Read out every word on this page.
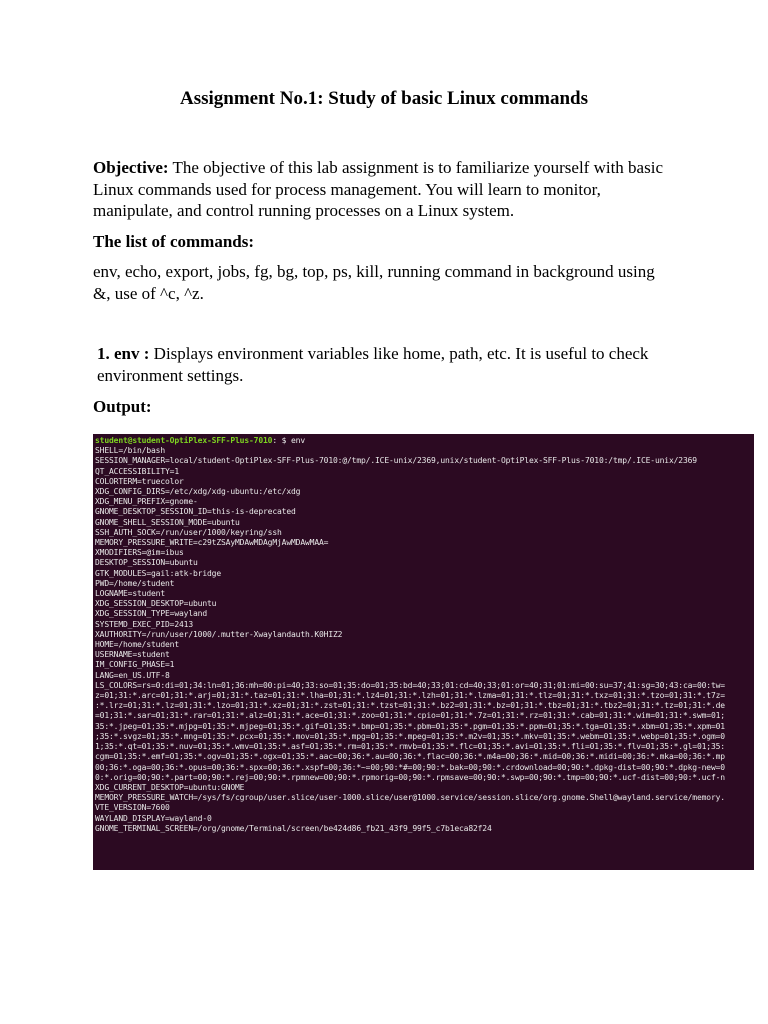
Assignment No.1: Study of basic Linux commands

Objective: The objective of this lab assignment is to familiarize yourself with basic Linux commands used for process management. You will learn to monitor, manipulate, and control running processes on a Linux system.

The list of commands:

env, echo, export, jobs, fg, bg, top, ps, kill, running command in background using &, use of ^c, ^z.

1. env : Displays environment variables like home, path, etc. It is useful to check environment settings.

Output:

student@student-OptiPlex-SFF-Plus-7010: $ env
SHELL=/bin/bash
SESSION_MANAGER=local/student-OptiPlex-SFF-Plus-7010:@/tmp/.ICE-unix/2369,unix/student-OptiPlex-SFF-Plus-7010:/tmp/.ICE-unix/2369
QT_ACCESSIBILITY=1
COLORTERM=truecolor
XDG_CONFIG_DIRS=/etc/xdg/xdg-ubuntu:/etc/xdg
XDG_MENU_PREFIX=gnome-
GNOME_DESKTOP_SESSION_ID=this-is-deprecated
GNOME_SHELL_SESSION_MODE=ubuntu
SSH_AUTH_SOCK=/run/user/1000/keyring/ssh
MEMORY_PRESSURE_WRITE=c29tZSAyMDAwMDAgMjAwMDAwMAA=
XMODIFIERS=@im=ibus
DESKTOP_SESSION=ubuntu
GTK_MODULES=gail:atk-bridge
PWD=/home/student
LOGNAME=student
XDG_SESSION_DESKTOP=ubuntu
XDG_SESSION_TYPE=wayland
SYSTEMD_EXEC_PID=2413
XAUTHORITY=/run/user/1000/.mutter-Xwaylandauth.K0HIZ2
HOME=/home/student
USERNAME=student
IM_CONFIG_PHASE=1
LANG=en_US.UTF-8
LS_COLORS=rs=0:di=01;34:ln=01;36:mh=00:pi=40;33:so=01;35:do=01;35:bd=40;33;01:cd=40;33;01:or=40;31;01:mi=00:su=37;41:sg=30;43:ca=00:tw=
z=01;31:*.arc=01;31:*.arj=01;31:*.taz=01;31:*.lha=01;31:*.lz4=01;31:*.lzh=01;31:*.lzma=01;31:*.tlz=01;31:*.txz=01;31:*.tzo=01;31:*.t7z=
:*.lrz=01;31:*.lz=01;31:*.lzo=01;31:*.xz=01;31:*.zst=01;31:*.tzst=01;31:*.bz2=01;31:*.bz=01;31:*.tbz=01;31:*.tbz2=01;31:*.tz=01;31:*.de
=01;31:*.sar=01;31:*.rar=01;31:*.alz=01;31:*.ace=01;31:*.zoo=01;31:*.cpio=01;31:*.7z=01;31:*.rz=01;31:*.cab=01;31:*.wim=01;31:*.swm=01;
35:*.jpeg=01;35:*.mjpg=01;35:*.mjpeg=01;35:*.gif=01;35:*.bmp=01;35:*.pbm=01;35:*.pgm=01;35:*.ppm=01;35:*.tga=01;35:*.xbm=01;35:*.xpm=01
;35:*.svgz=01;35:*.mng=01;35:*.pcx=01;35:*.mov=01;35:*.mpg=01;35:*.mpeg=01;35:*.m2v=01;35:*.mkv=01;35:*.webm=01;35:*.webp=01;35:*.ogm=0
1;35:*.qt=01;35:*.nuv=01;35:*.wmv=01;35:*.asf=01;35:*.rm=01;35:*.rmvb=01;35:*.flc=01;35:*.avi=01;35:*.fli=01;35:*.flv=01;35:*.gl=01;35:
cgm=01;35:*.emf=01;35:*.ogv=01;35:*.ogx=01;35:*.aac=00;36:*.au=00;36:*.flac=00;36:*.m4a=00;36:*.mid=00;36:*.midi=00;36:*.mka=00;36:*.mp
00;36:*.oga=00;36:*.opus=00;36:*.spx=00;36:*.xspf=00;36:*~=00;90:*#=00;90:*.bak=00;90:*.crdownload=00;90:*.dpkg-dist=00;90:*.dpkg-new=0
0:*.orig=00;90:*.part=00;90:*.rej=00;90:*.rpmnew=00;90:*.rpmorig=00;90:*.rpmsave=00;90:*.swp=00;90:*.tmp=00;90:*.ucf-dist=00;90:*.ucf-n
XDG_CURRENT_DESKTOP=ubuntu:GNOME
MEMORY_PRESSURE_WATCH=/sys/fs/cgroup/user.slice/user-1000.slice/user@1000.service/session.slice/org.gnome.Shell@wayland.service/memory.
VTE_VERSION=7600
WAYLAND_DISPLAY=wayland-0
GNOME_TERMINAL_SCREEN=/org/gnome/Terminal/screen/be424d86_fb21_43f9_99f5_c7b1eca82f24
